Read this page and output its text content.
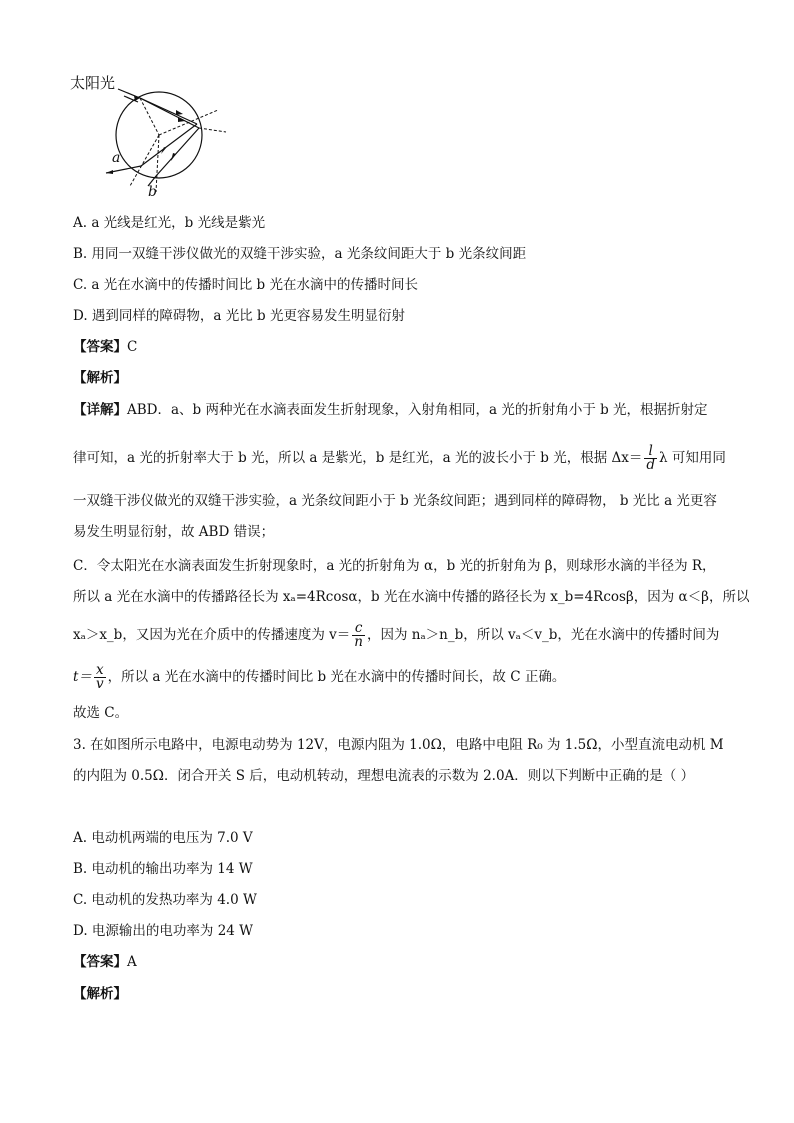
太阳光
a
b
A. a 光线是红光，b 光线是紫光
B. 用同一双缝干涉仪做光的双缝干涉实验，a 光条纹间距大于 b 光条纹间距
C. a 光在水滴中的传播时间比 b 光在水滴中的传播时间长
D. 遇到同样的障碍物，a 光比 b 光更容易发生明显衍射
【答案】C
【解析】
【详解】ABD．a、b 两种光在水滴表面发生折射现象，入射角相同，a 光的折射角小于 b 光，根据折射定
律可知，a 光的折射率大于 b 光，所以 a 是紫光，b 是红光，a 光的波长小于 b 光，根据 $\Delta x= \frac{l}{d}$ λ 可知用同
一双缝干涉仪做光的双缝干涉实验，a 光条纹间距小于 b 光条纹间距；遇到同样的障碍物， b 光比 a 光更容
易发生明显衍射，故 ABD 错误；
C．令太阳光在水滴表面发生折射现象时，a 光的折射角为 α，b 光的折射角为 β，则球形水滴的半径为 R，
所以 a 光在水滴中的传播路径长为 xₐ=4Rcosα，b 光在水滴中传播的路径长为 x_b=4Rcosβ，因为 α＜β，所以
xₐ＞x_b，又因为光在介质中的传播速度为 $v= \frac{c}{n}$ ，因为 nₐ＞n_b，所以 vₐ＜v_b，光在水滴中的传播时间为
$t= \frac{x}{v}$ ，所以 a 光在水滴中的传播时间比 b 光在水滴中的传播时间长，故 C 正确。
故选 C。
3. 在如图所示电路中，电源电动势为 12V，电源内阻为 1.0Ω，电路中电阻 R₀ 为 1.5Ω，小型直流电动机 M
的内阻为 0.5Ω．闭合开关 S 后，电动机转动，理想电流表的示数为 2.0A．则以下判断中正确的是（ ）
A. 电动机两端的电压为 7.0 V
B. 电动机的输出功率为 14 W
C. 电动机的发热功率为 4.0 W
D. 电源输出的电功率为 24 W
【答案】A
【解析】
